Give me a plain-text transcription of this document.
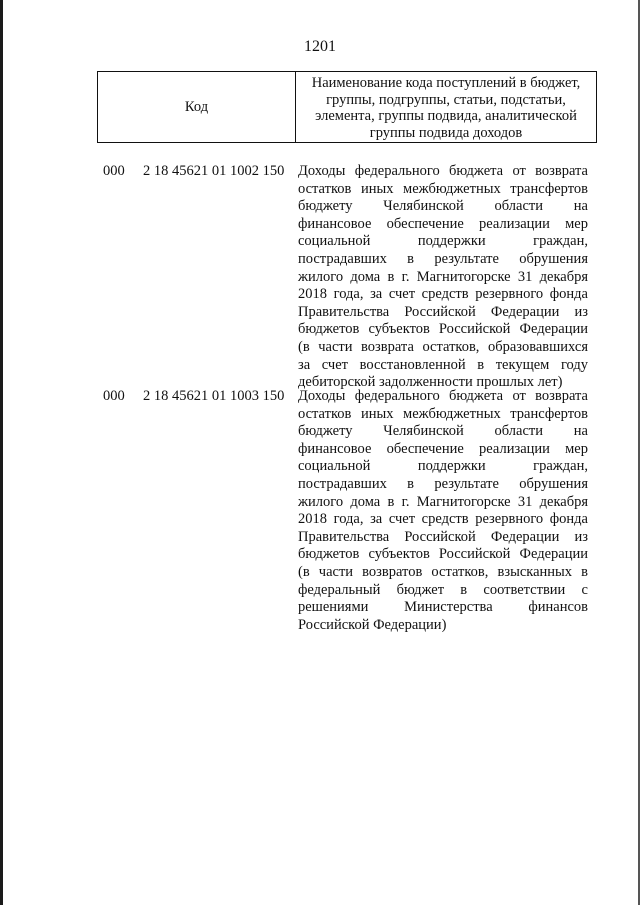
1201
Код
Наименование кода поступлений в бюджет, группы, подгруппы, статьи, подстатьи, элемента, группы подвида, аналитической группы подвида доходов
000 2 18 45621 01 1002 150 Доходы федерального бюджета от возврата
остатков иных межбюджетных трансфертов
бюджету Челябинской области на
финансовое обеспечение реализации мер
социальной поддержки граждан,
пострадавших в результате обрушения
жилого дома в г. Магнитогорске 31 декабря
2018 года, за счет средств резервного фонда
Правительства Российской Федерации из
бюджетов субъектов Российской Федерации
(в части возврата остатков, образовавшихся
за счет восстановленной в текущем году
дебиторской задолженности прошлых лет)
000 2 18 45621 01 1003 150 Доходы федерального бюджета от возврата
остатков иных межбюджетных трансфертов
бюджету Челябинской области на
финансовое обеспечение реализации мер
социальной поддержки граждан,
пострадавших в результате обрушения
жилого дома в г. Магнитогорске 31 декабря
2018 года, за счет средств резервного фонда
Правительства Российской Федерации из
бюджетов субъектов Российской Федерации
(в части возвратов остатков, взысканных в
федеральный бюджет в соответствии с
решениями Министерства финансов
Российской Федерации)
